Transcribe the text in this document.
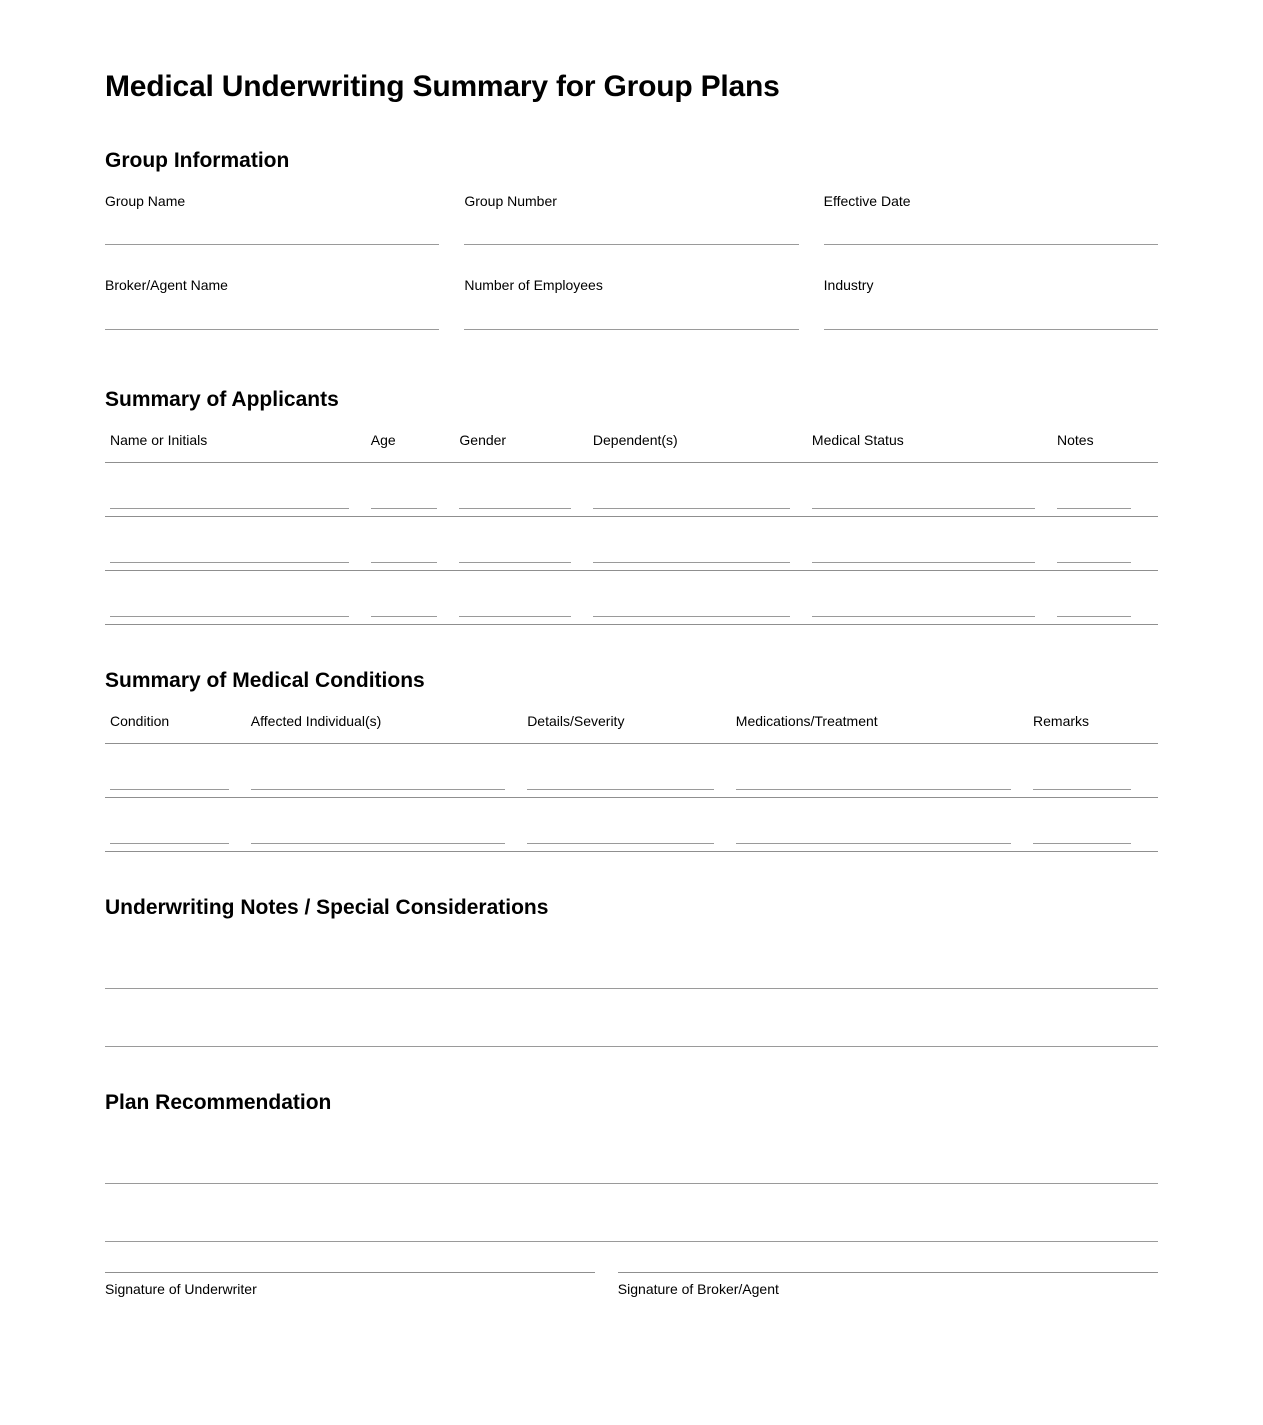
Medical Underwriting Summary for Group Plans
Group Information
Group Name	Group Number	Effective Date
Broker/Agent Name	Number of Employees	Industry
Summary of Applicants
Name or Initials	Age	Gender	Dependent(s)	Medical Status	Notes
Summary of Medical Conditions
Condition	Affected Individual(s)	Details/Severity	Medications/Treatment	Remarks
Underwriting Notes / Special Considerations
Plan Recommendation
Signature of Underwriter	Signature of Broker/Agent
